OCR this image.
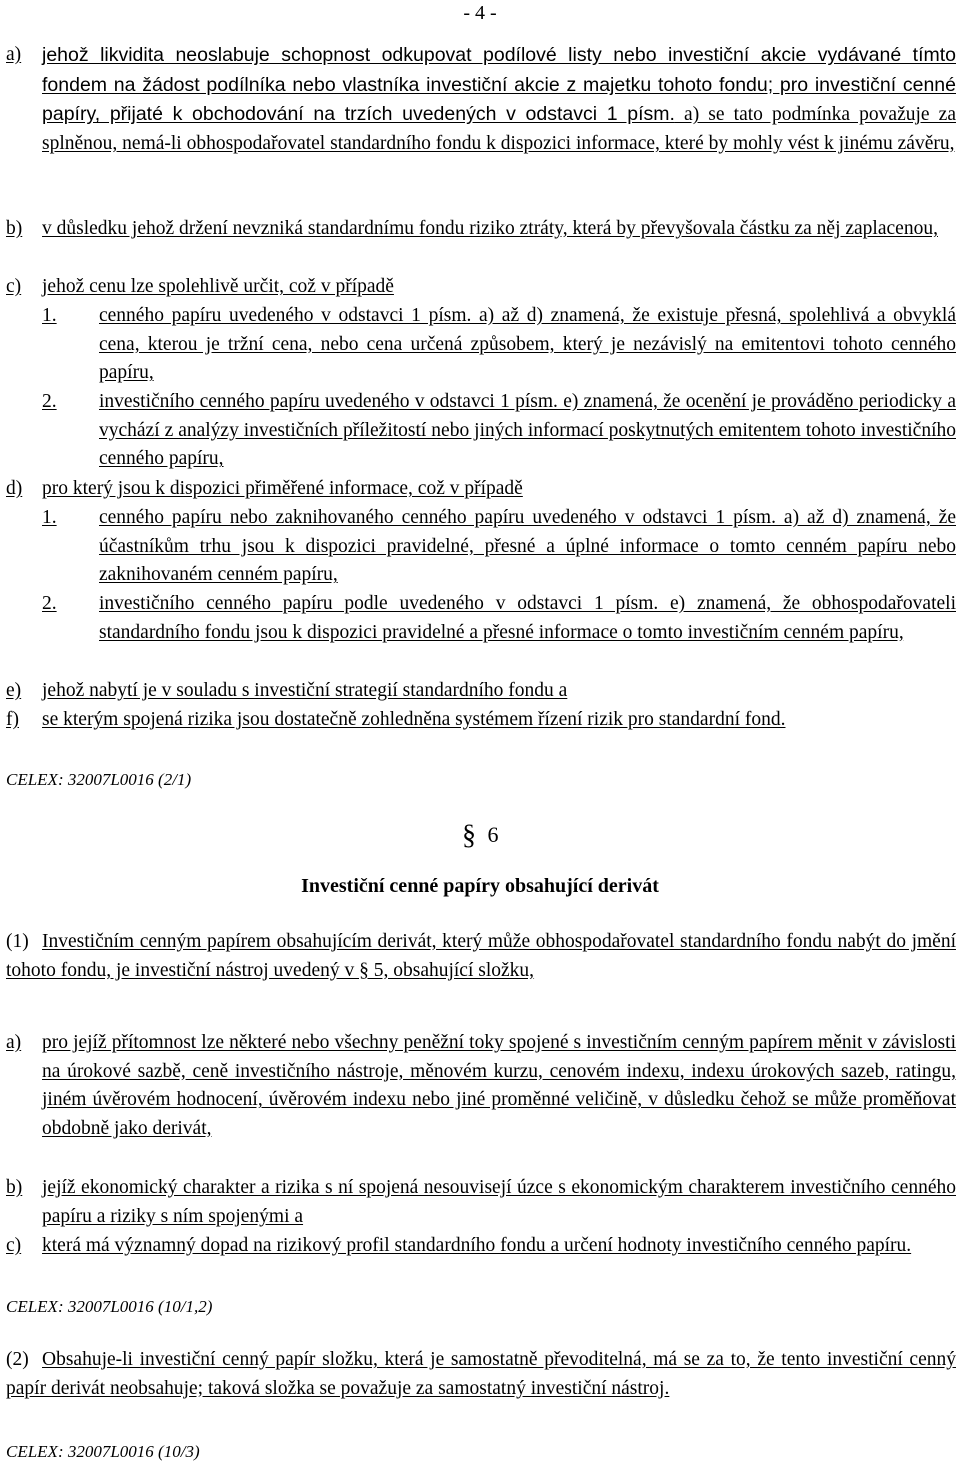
- 4 -
a) jehož likvidita neoslabuje schopnost odkupovat podílové listy nebo investiční akcie vydávané tímto fondem na žádost podílníka nebo vlastníka investiční akcie z majetku tohoto fondu; pro investiční cenné papíry, přijaté k obchodování na trzích uvedených v odstavci 1 písm. a) se tato podmínka považuje za splněnou, nemá-li obhospodařovatel standardního fondu k dispozici informace, které by mohly vést k jinému závěru,
b) v důsledku jehož držení nevzniká standardnímu fondu riziko ztráty, která by převyšovala částku za něj zaplacenou,
c) jehož cenu lze spolehlivě určit, což v případě
1. cenného papíru uvedeného v odstavci 1 písm. a) až d) znamená, že existuje přesná, spolehlivá a obvyklá cena, kterou je tržní cena, nebo cena určená způsobem, který je nezávislý na emitentovi tohoto cenného papíru,
2. investičního cenného papíru uvedeného v odstavci 1 písm. e) znamená, že ocenění je prováděno periodicky a vychází z analýzy investičních příležitostí nebo jiných informací poskytnutých emitentem tohoto investičního cenného papíru,
d) pro který jsou k dispozici přiměřené informace, což v případě
1. cenného papíru nebo zaknihovaného cenného papíru uvedeného v odstavci 1 písm. a) až d) znamená, že účastníkům trhu jsou k dispozici pravidelné, přesné a úplné informace o tomto cenném papíru nebo zaknihovaném cenném papíru,
2. investičního cenného papíru podle uvedeného v odstavci 1 písm. e) znamená, že obhospodařovateli standardního fondu jsou k dispozici pravidelné a přesné informace o tomto investičním cenném papíru,
e) jehož nabytí je v souladu s investiční strategií standardního fondu a
f) se kterým spojená rizika jsou dostatečně zohledněna systémem řízení rizik pro standardní fond.
CELEX: 32007L0016 (2/1)
§ 6
Investiční cenné papíry obsahující derivát
(1) Investičním cenným papírem obsahujícím derivát, který může obhospodařovatel standardního fondu nabýt do jmění tohoto fondu, je investiční nástroj uvedený v § 5, obsahující složku,
a) pro jejíž přítomnost lze některé nebo všechny peněžní toky spojené s investičním cenným papírem měnit v závislosti na úrokové sazbě, ceně investičního nástroje, měnovém kurzu, cenovém indexu, indexu úrokových sazeb, ratingu, jiném úvěrovém hodnocení, úvěrovém indexu nebo jiné proměnné veličině, v důsledku čehož se může proměňovat obdobně jako derivát,
b) jejíž ekonomický charakter a rizika s ní spojená nesouvisejí úzce s ekonomickým charakterem investičního cenného papíru a riziky s ním spojenými a
c) která má významný dopad na rizikový profil standardního fondu a určení hodnoty investičního cenného papíru.
CELEX: 32007L0016 (10/1,2)
(2) Obsahuje-li investiční cenný papír složku, která je samostatně převoditelná, má se za to, že tento investiční cenný papír derivát neobsahuje; taková složka se považuje za samostatný investiční nástroj.
CELEX: 32007L0016 (10/3)
